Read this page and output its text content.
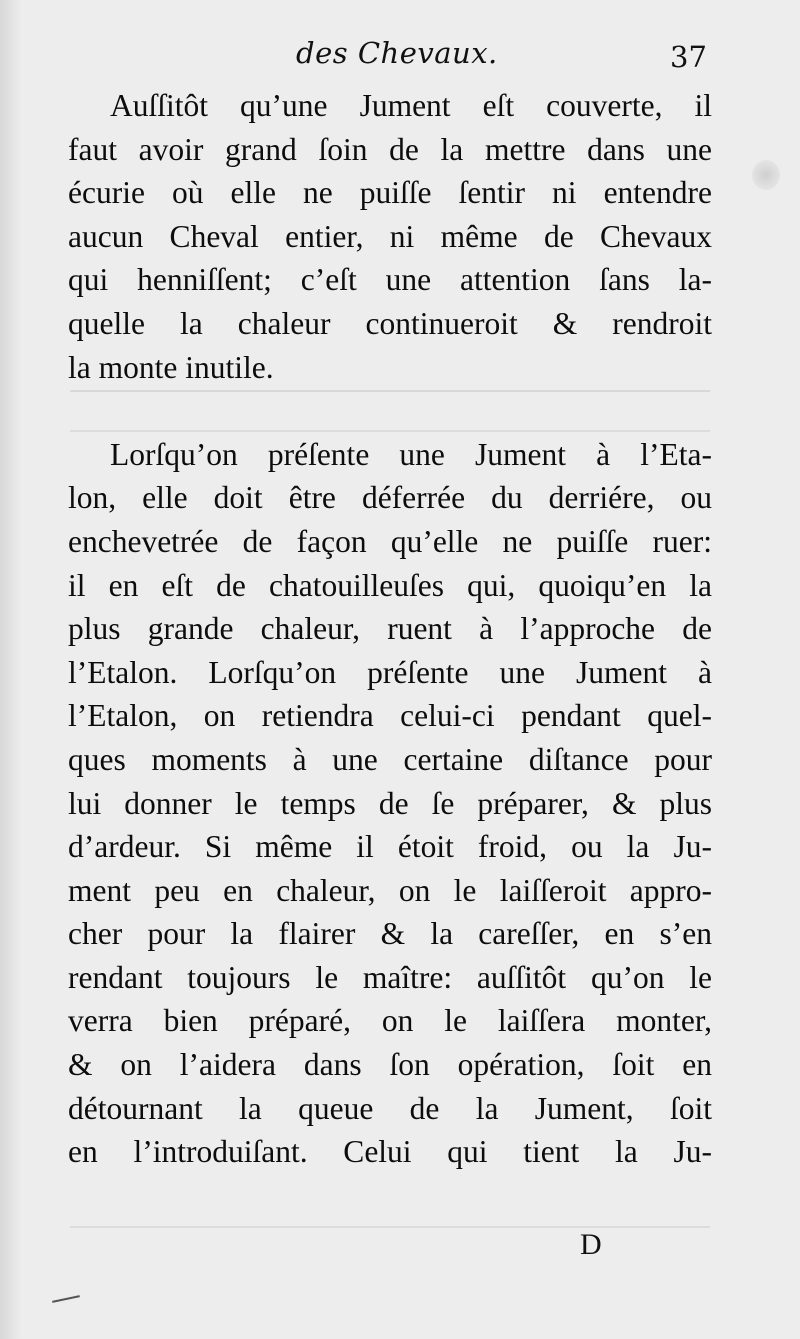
des Chevaux.	37
Auſſitôt qu’une Jument eſt couverte, il
faut avoir grand ſoin de la mettre dans une
écurie où elle ne puiſſe ſentir ni entendre
aucun Cheval entier, ni même de Chevaux
qui henniſſent; c’eſt une attention ſans la-
quelle la chaleur continueroit & rendroit
la monte inutile.
Lorſqu’on préſente une Jument à l’Eta-
lon, elle doit être déferrée du derriére, ou
enchevetrée de façon qu’elle ne puiſſe ruer:
il en eſt de chatouilleuſes qui, quoiqu’en la
plus grande chaleur, ruent à l’approche de
l’Etalon. Lorſqu’on préſente une Jument à
l’Etalon, on retiendra celui-ci pendant quel-
ques moments à une certaine diſtance pour
lui donner le temps de ſe préparer, & plus
d’ardeur. Si même il étoit froid, ou la Ju-
ment peu en chaleur, on le laiſſeroit appro-
cher pour la flairer & la careſſer, en s’en
rendant toujours le maître: auſſitôt qu’on le
verra bien préparé, on le laiſſera monter,
& on l’aidera dans ſon opération, ſoit en
détournant la queue de la Jument, ſoit
en l’introduiſant. Celui qui tient la Ju-
D
